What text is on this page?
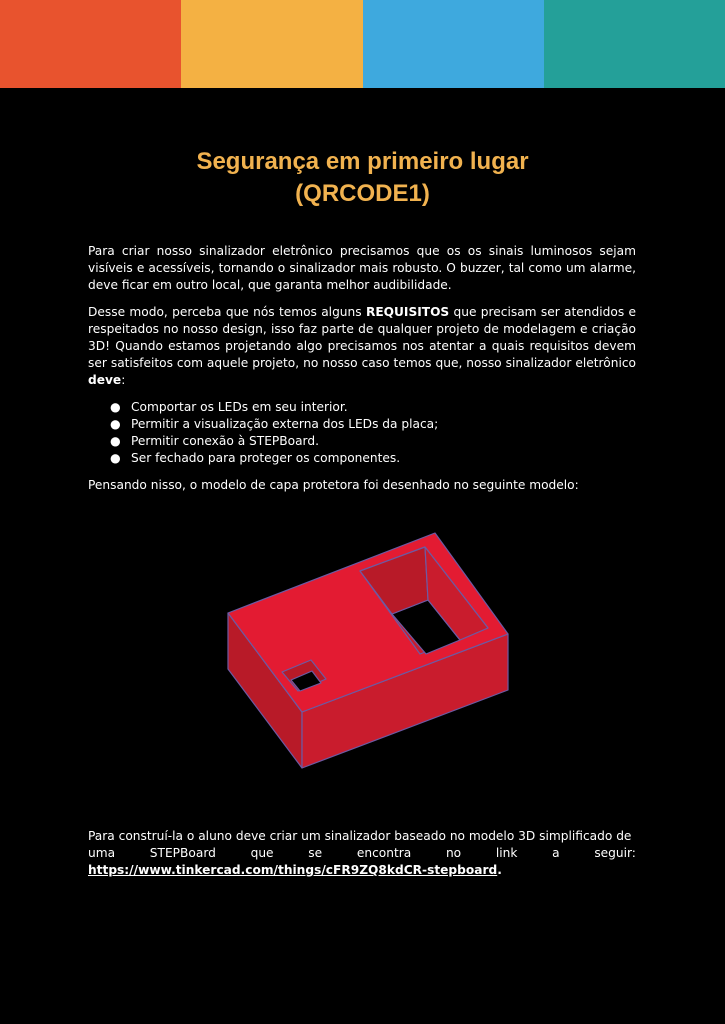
Segurança em primeiro lugar
(QRCODE1)

Para criar nosso sinalizador eletrônico precisamos que os os sinais luminosos sejam visíveis e acessíveis, tornando o sinalizador mais robusto. O buzzer, tal como um alarme, deve ficar em outro local, que garanta melhor audibilidade.

Desse modo, perceba que nós temos alguns REQUISITOS que precisam ser atendidos e respeitados no nosso design, isso faz parte de qualquer projeto de modelagem e criação 3D! Quando estamos projetando algo precisamos nos atentar a quais requisitos devem ser satisfeitos com aquele projeto, no nosso caso temos que, nosso sinalizador eletrônico deve:

● Comportar os LEDs em seu interior.
● Permitir a visualização externa dos LEDs da placa;
● Permitir conexão à STEPBoard.
● Ser fechado para proteger os componentes.

Pensando nisso, o modelo de capa protetora foi desenhado no seguinte modelo:

Para construí-la o aluno deve criar um sinalizador baseado no modelo 3D simplificado de
uma	STEPBoard	que	se	encontra	no	link	a	seguir:
https://www.tinkercad.com/things/cFR9ZQ8kdCR-stepboard.
